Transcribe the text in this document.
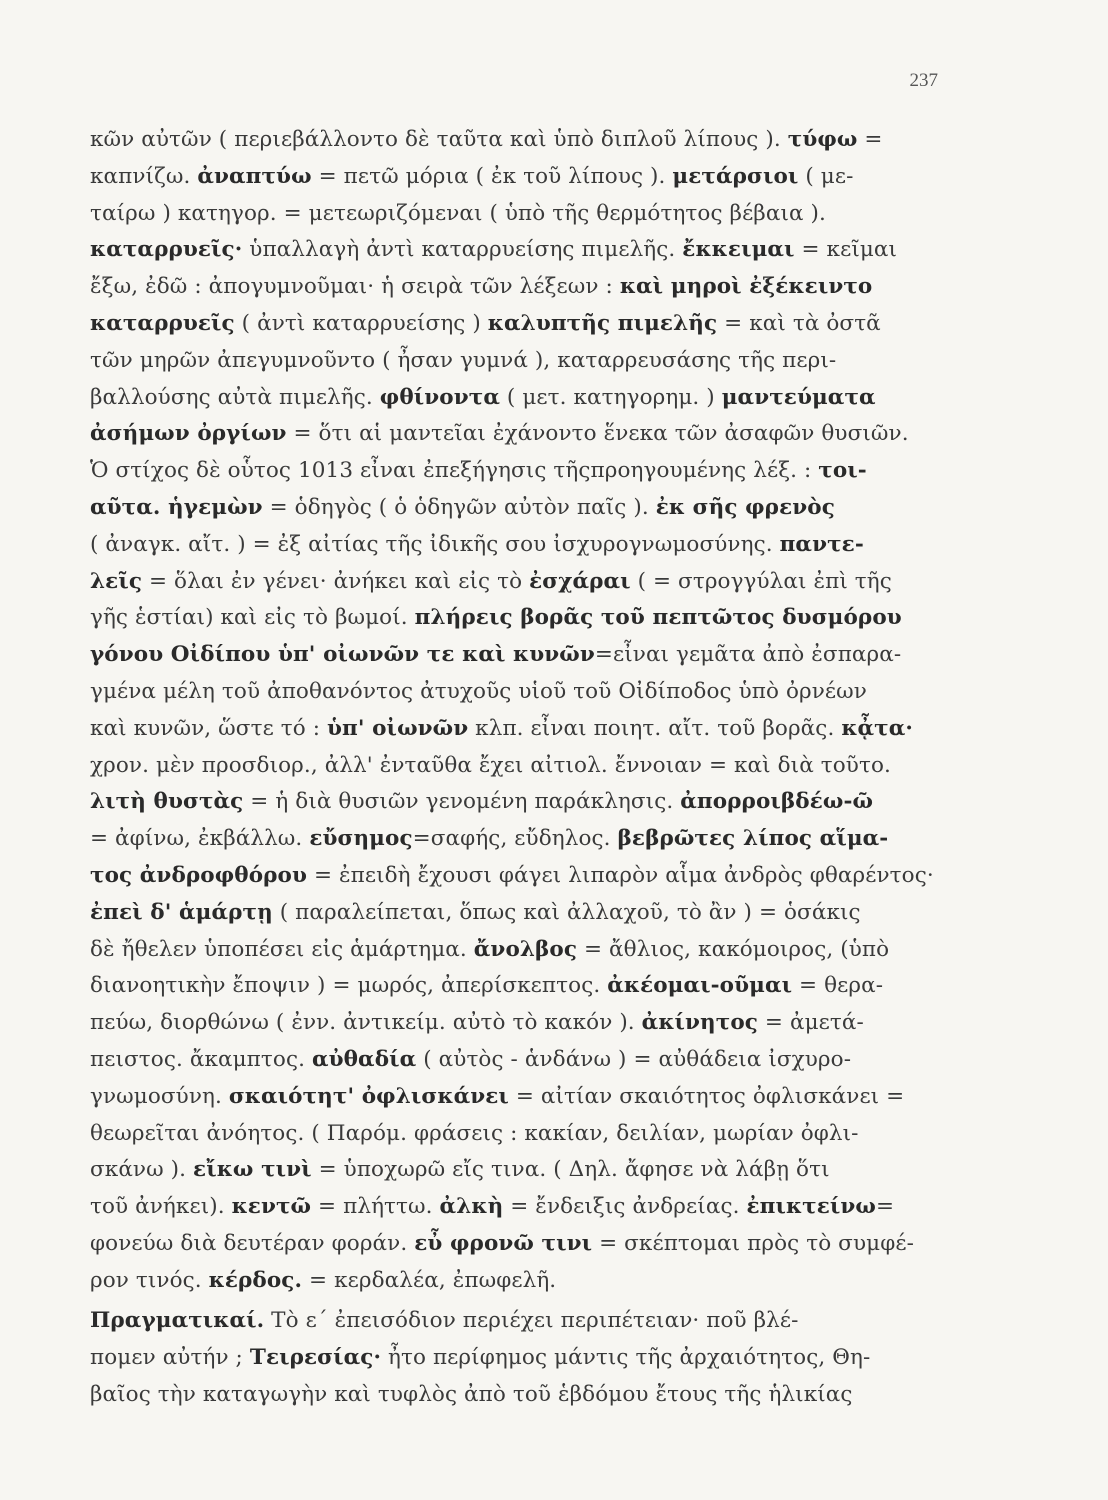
237
κῶν αὐτῶν ( περιεβάλλοντο δὲ ταῦτα καὶ ὑπὸ διπλοῦ λίπους ). τύφω =
καπνίζω. ἀναπτύω = πετῶ μόρια ( ἐκ τοῦ λίπους ). μετάρσιοι ( με-
ταίρω ) κατηγορ. = μετεωριζόμεναι ( ὑπὸ τῆς θερμότητος βέβαια ).
καταρρυεῖς· ὑπαλλαγὴ ἀντὶ καταρρυείσης πιμελῆς. ἔκκειμαι = κεῖμαι
ἔξω, ἐδῶ : ἀπογυμνοῦμαι· ἡ σειρὰ τῶν λέξεων : καὶ μηροὶ ἐξέκειντο
καταρρυεῖς ( ἀντὶ καταρρυείσης ) καλυπτῆς πιμελῆς = καὶ τὰ ὀστᾶ
τῶν μηρῶν ἀπεγυμνοῦντο ( ἦσαν γυμνά ), καταρρευσάσης τῆς περι-
βαλλούσης αὐτὰ πιμελῆς. φθίνοντα ( μετ. κατηγορημ. ) μαντεύματα
ἀσήμων ὀργίων = ὅτι αἱ μαντεῖαι ἐχάνοντο ἕνεκα τῶν ἀσαφῶν θυσιῶν.
Ὁ στίχος δὲ οὗτος 1013 εἶναι ἐπεξήγησις τῆςπροηγουμένης λέξ. : τοι-
αῦτα. ἡγεμὼν = ὁδηγὸς ( ὁ ὁδηγῶν αὐτὸν παῖς ). ἐκ σῆς φρενὸς
( ἀναγκ. αἴτ. ) = ἐξ αἰτίας τῆς ἰδικῆς σου ἰσχυρογνωμοσύνης. παντε-
λεῖς = ὅλαι ἐν γένει· ἀνήκει καὶ εἰς τὸ ἐσχάραι ( = στρογγύλαι ἐπὶ τῆς
γῆς ἑστίαι) καὶ εἰς τὸ βωμοί. πλήρεις βορᾶς τοῦ πεπτῶτος δυσμόρου
γόνου Οἰδίπου ὑπ' οἰωνῶν τε καὶ κυνῶν=εἶναι γεμᾶτα ἀπὸ ἐσπαρα-
γμένα μέλη τοῦ ἀποθανόντος ἀτυχοῦς υἱοῦ τοῦ Οἰδίποδος ὑπὸ ὀρνέων
καὶ κυνῶν, ὥστε τό : ὑπ' οἰωνῶν κλπ. εἶναι ποιητ. αἴτ. τοῦ βορᾶς. κᾆτα·
χρον. μὲν προσδιορ., ἀλλ' ἐνταῦθα ἔχει αἰτιολ. ἔννοιαν = καὶ διὰ τοῦτο.
λιτὴ θυστὰς = ἡ διὰ θυσιῶν γενομένη παράκλησις. ἀπορροιβδέω-ῶ
= ἀφίνω, ἐκβάλλω. εὔσημος=σαφής, εὔδηλος. βεβρῶτες λίπος αἵμα-
τος ἀνδροφθόρου = ἐπειδὴ ἔχουσι φάγει λιπαρὸν αἷμα ἀνδρὸς φθαρέντος·
ἐπεὶ δ' ἁμάρτῃ ( παραλείπεται, ὅπως καὶ ἀλλαχοῦ, τὸ ἂν ) = ὁσάκις
δὲ ἤθελεν ὑποπέσει εἰς ἁμάρτημα. ἄνολβος = ἄθλιος, κακόμοιρος, (ὑπὸ
διανοητικὴν ἔποψιν ) = μωρός, ἀπερίσκεπτος. ἀκέομαι-οῦμαι = θερα-
πεύω, διορθώνω ( ἐνν. ἀντικείμ. αὐτὸ τὸ κακόν ). ἀκίνητος = ἀμετά-
πειστος. ἄκαμπτος. αὐθαδία ( αὐτὸς - ἁνδάνω ) = αὐθάδεια ἰσχυρο-
γνωμοσύνη. σκαιότητ' ὀφλισκάνει = αἰτίαν σκαιότητος ὀφλισκάνει =
θεωρεῖται ἀνόητος. ( Παρόμ. φράσεις : κακίαν, δειλίαν, μωρίαν ὀφλι-
σκάνω ). εἴκω τινὶ = ὑποχωρῶ εἴς τινα. ( Δηλ. ἄφησε νὰ λάβῃ ὅτι
τοῦ ἀνήκει). κεντῶ = πλήττω. ἀλκὴ = ἔνδειξις ἀνδρείας. ἐπικτείνω=
φονεύω διὰ δευτέραν φοράν. εὖ φρονῶ τινι = σκέπτομαι πρὸς τὸ συμφέ-
ρον τινός. κέρδος. = κερδαλέα, ἐπωφελῆ.
Πραγματικαί. Τὸ ε΄ ἐπεισόδιον περιέχει περιπέτειαν· ποῦ βλέ-
πομεν αὐτήν ; Τειρεσίας· ἦτο περίφημος μάντις τῆς ἀρχαιότητος, Θη-
βαῖος τὴν καταγωγὴν καὶ τυφλὸς ἀπὸ τοῦ ἑβδόμου ἔτους τῆς ἡλικίας
